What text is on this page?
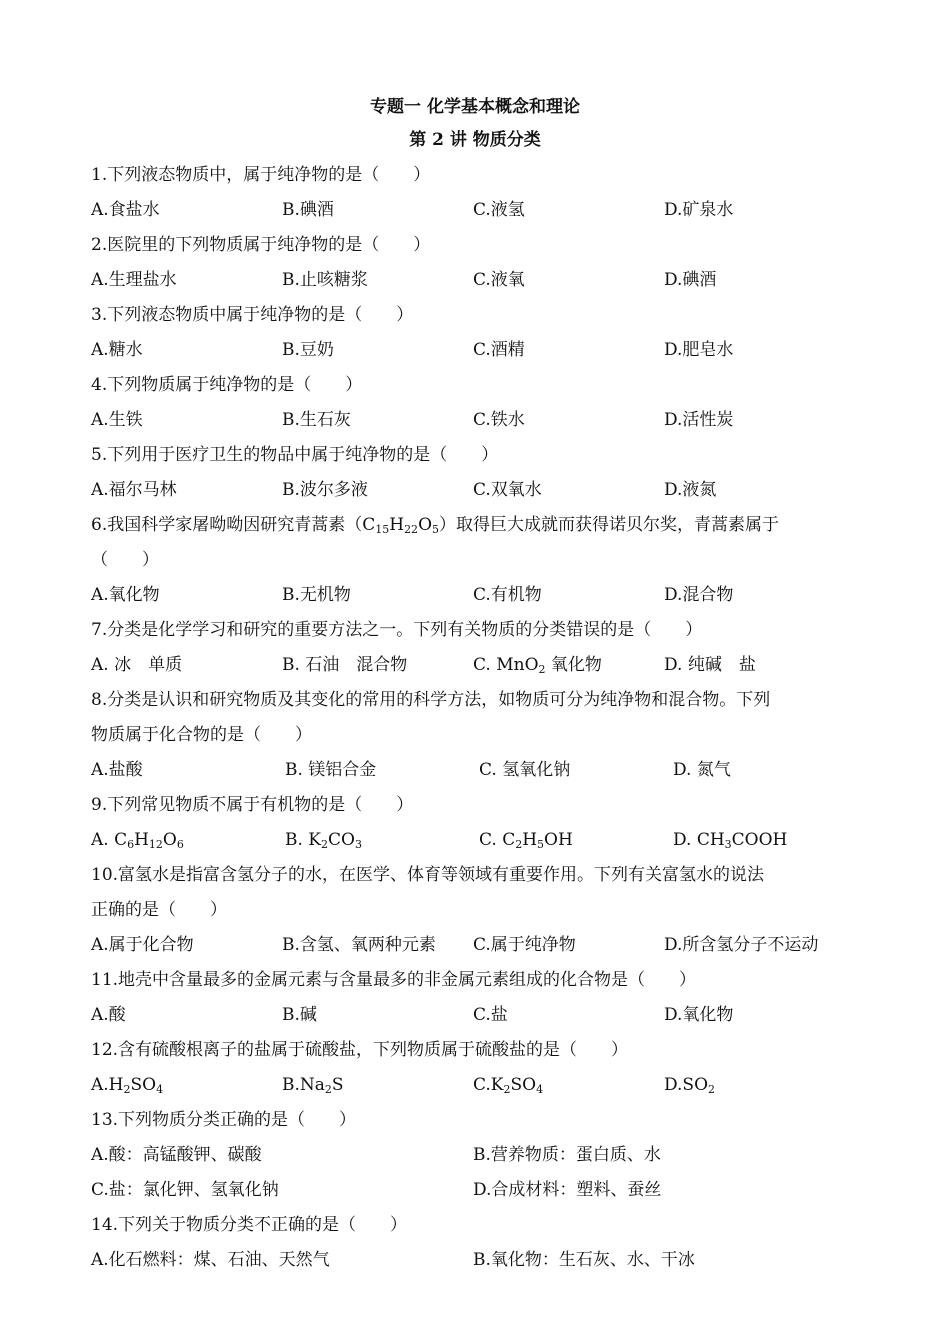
专题一 化学基本概念和理论
第 2 讲 物质分类
1.下列液态物质中，属于纯净物的是（　　）
A.食盐水	B.碘酒	C.液氢	D.矿泉水
2.医院里的下列物质属于纯净物的是（　　）
A.生理盐水	B.止咳糖浆	C.液氧	D.碘酒
3.下列液态物质中属于纯净物的是（　　）
A.糖水	B.豆奶	C.酒精	D.肥皂水
4.下列物质属于纯净物的是（　　）
A.生铁	B.生石灰	C.铁水	D.活性炭
5.下列用于医疗卫生的物品中属于纯净物的是（　　）
A.福尔马林	B.波尔多液	C.双氧水	D.液氮
6.我国科学家屠呦呦因研究青蒿素$(C_{15}H_{22}O_5)$取得巨大成就而获得诺贝尔奖，青蒿素属于
（　　）
A.氧化物	B.无机物	C.有机物	D.混合物
7.分类是化学学习和研究的重要方法之一。下列有关物质的分类错误的是（　　）
A. 冰　单质	B. 石油　混合物	C. MnO$_2$ 氧化物	D. 纯碱　盐
8.分类是认识和研究物质及其变化的常用的科学方法，如物质可分为纯净物和混合物。下列
物质属于化合物的是（　　）
A.盐酸	B. 镁铝合金	C. 氢氧化钠	D. 氮气
9.下列常见物质不属于有机物的是（　　）
A. $C_6H_{12}O_6$	B. $K_2CO_3$	C. $C_2H_5OH$	D. $CH_3COOH$
10.富氢水是指富含氢分子的水，在医学、体育等领域有重要作用。下列有关富氢水的说法
正确的是（　　）
A.属于化合物	B.含氢、氧两种元素	C.属于纯净物	D.所含氢分子不运动
11.地壳中含量最多的金属元素与含量最多的非金属元素组成的化合物是（　　）
A.酸	B.碱	C.盐	D.氧化物
12.含有硫酸根离子的盐属于硫酸盐，下列物质属于硫酸盐的是（　　）
$A.H_2SO_4$	$B.Na_2S$	$C.K_2SO_4$	$D.SO_2$
13.下列物质分类正确的是（　　）
A.酸：高锰酸钾、碳酸	B.营养物质：蛋白质、水
C.盐：氯化钾、氢氧化钠	D.合成材料：塑料、蚕丝
14.下列关于物质分类不正确的是（　　）
A.化石燃料：煤、石油、天然气	B.氧化物：生石灰、水、干冰
